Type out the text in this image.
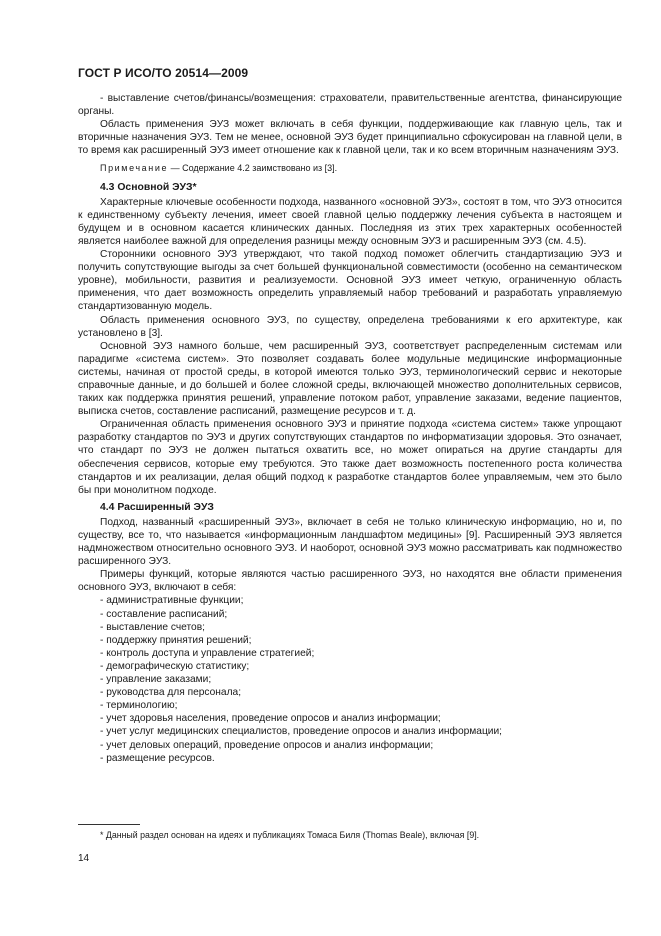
ГОСТ Р ИСО/ТО 20514—2009

- выставление счетов/финансы/возмещения: страхователи, правительственные агентства, финансирующие органы.

Область применения ЭУЗ может включать в себя функции, поддерживающие как главную цель, так и вторичные назначения ЭУЗ. Тем не менее, основной ЭУЗ будет принципиально сфокусирован на главной цели, в то время как расширенный ЭУЗ имеет отношение как к главной цели, так и ко всем вторичным назначениям ЭУЗ.

Примечание — Содержание 4.2 заимствовано из [3].

4.3 Основной ЭУЗ*

Характерные ключевые особенности подхода, названного «основной ЭУЗ», состоят в том, что ЭУЗ относится к единственному субъекту лечения, имеет своей главной целью поддержку лечения субъекта в настоящем и будущем и в основном касается клинических данных. Последняя из этих трех характерных особенностей является наиболее важной для определения разницы между основным ЭУЗ и расширенным ЭУЗ (см. 4.5).

Сторонники основного ЭУЗ утверждают, что такой подход поможет облегчить стандартизацию ЭУЗ и получить сопутствующие выгоды за счет большей функциональной совместимости (особенно на семантическом уровне), мобильности, развития и реализуемости. Основной ЭУЗ имеет четкую, ограниченную область применения, что дает возможность определить управляемый набор требований и разработать управляемую стандартизованную модель.

Область применения основного ЭУЗ, по существу, определена требованиями к его архитектуре, как установлено в [3].

Основной ЭУЗ намного больше, чем расширенный ЭУЗ, соответствует распределенным системам или парадигме «система систем». Это позволяет создавать более модульные медицинские информационные системы, начиная от простой среды, в которой имеются только ЭУЗ, терминологический сервис и некоторые справочные данные, и до большей и более сложной среды, включающей множество дополнительных сервисов, таких как поддержка принятия решений, управление потоком работ, управление заказами, ведение пациентов, выписка счетов, составление расписаний, размещение ресурсов и т. д.

Ограниченная область применения основного ЭУЗ и принятие подхода «система систем» также упрощают разработку стандартов по ЭУЗ и других сопутствующих стандартов по информатизации здоровья. Это означает, что стандарт по ЭУЗ не должен пытаться охватить все, но может опираться на другие стандарты для обеспечения сервисов, которые ему требуются. Это также дает возможность постепенного роста количества стандартов и их реализации, делая общий подход к разработке стандартов более управляемым, чем это было бы при монолитном подходе.

4.4 Расширенный ЭУЗ

Подход, названный «расширенный ЭУЗ», включает в себя не только клиническую информацию, но и, по существу, все то, что называется «информационным ландшафтом медицины» [9]. Расширенный ЭУЗ является надмножеством относительно основного ЭУЗ. И наоборот, основной ЭУЗ можно рассматривать как подмножество расширенного ЭУЗ.

Примеры функций, которые являются частью расширенного ЭУЗ, но находятся вне области применения основного ЭУЗ, включают в себя:

- административные функции;
- составление расписаний;
- выставление счетов;
- поддержку принятия решений;
- контроль доступа и управление стратегией;
- демографическую статистику;
- управление заказами;
- руководства для персонала;
- терминологию;
- учет здоровья населения, проведение опросов и анализ информации;
- учет услуг медицинских специалистов, проведение опросов и анализ информации;
- учет деловых операций, проведение опросов и анализ информации;
- размещение ресурсов.
* Данный раздел основан на идеях и публикациях Томаса Биля (Thomas Beale), включая [9].
14
